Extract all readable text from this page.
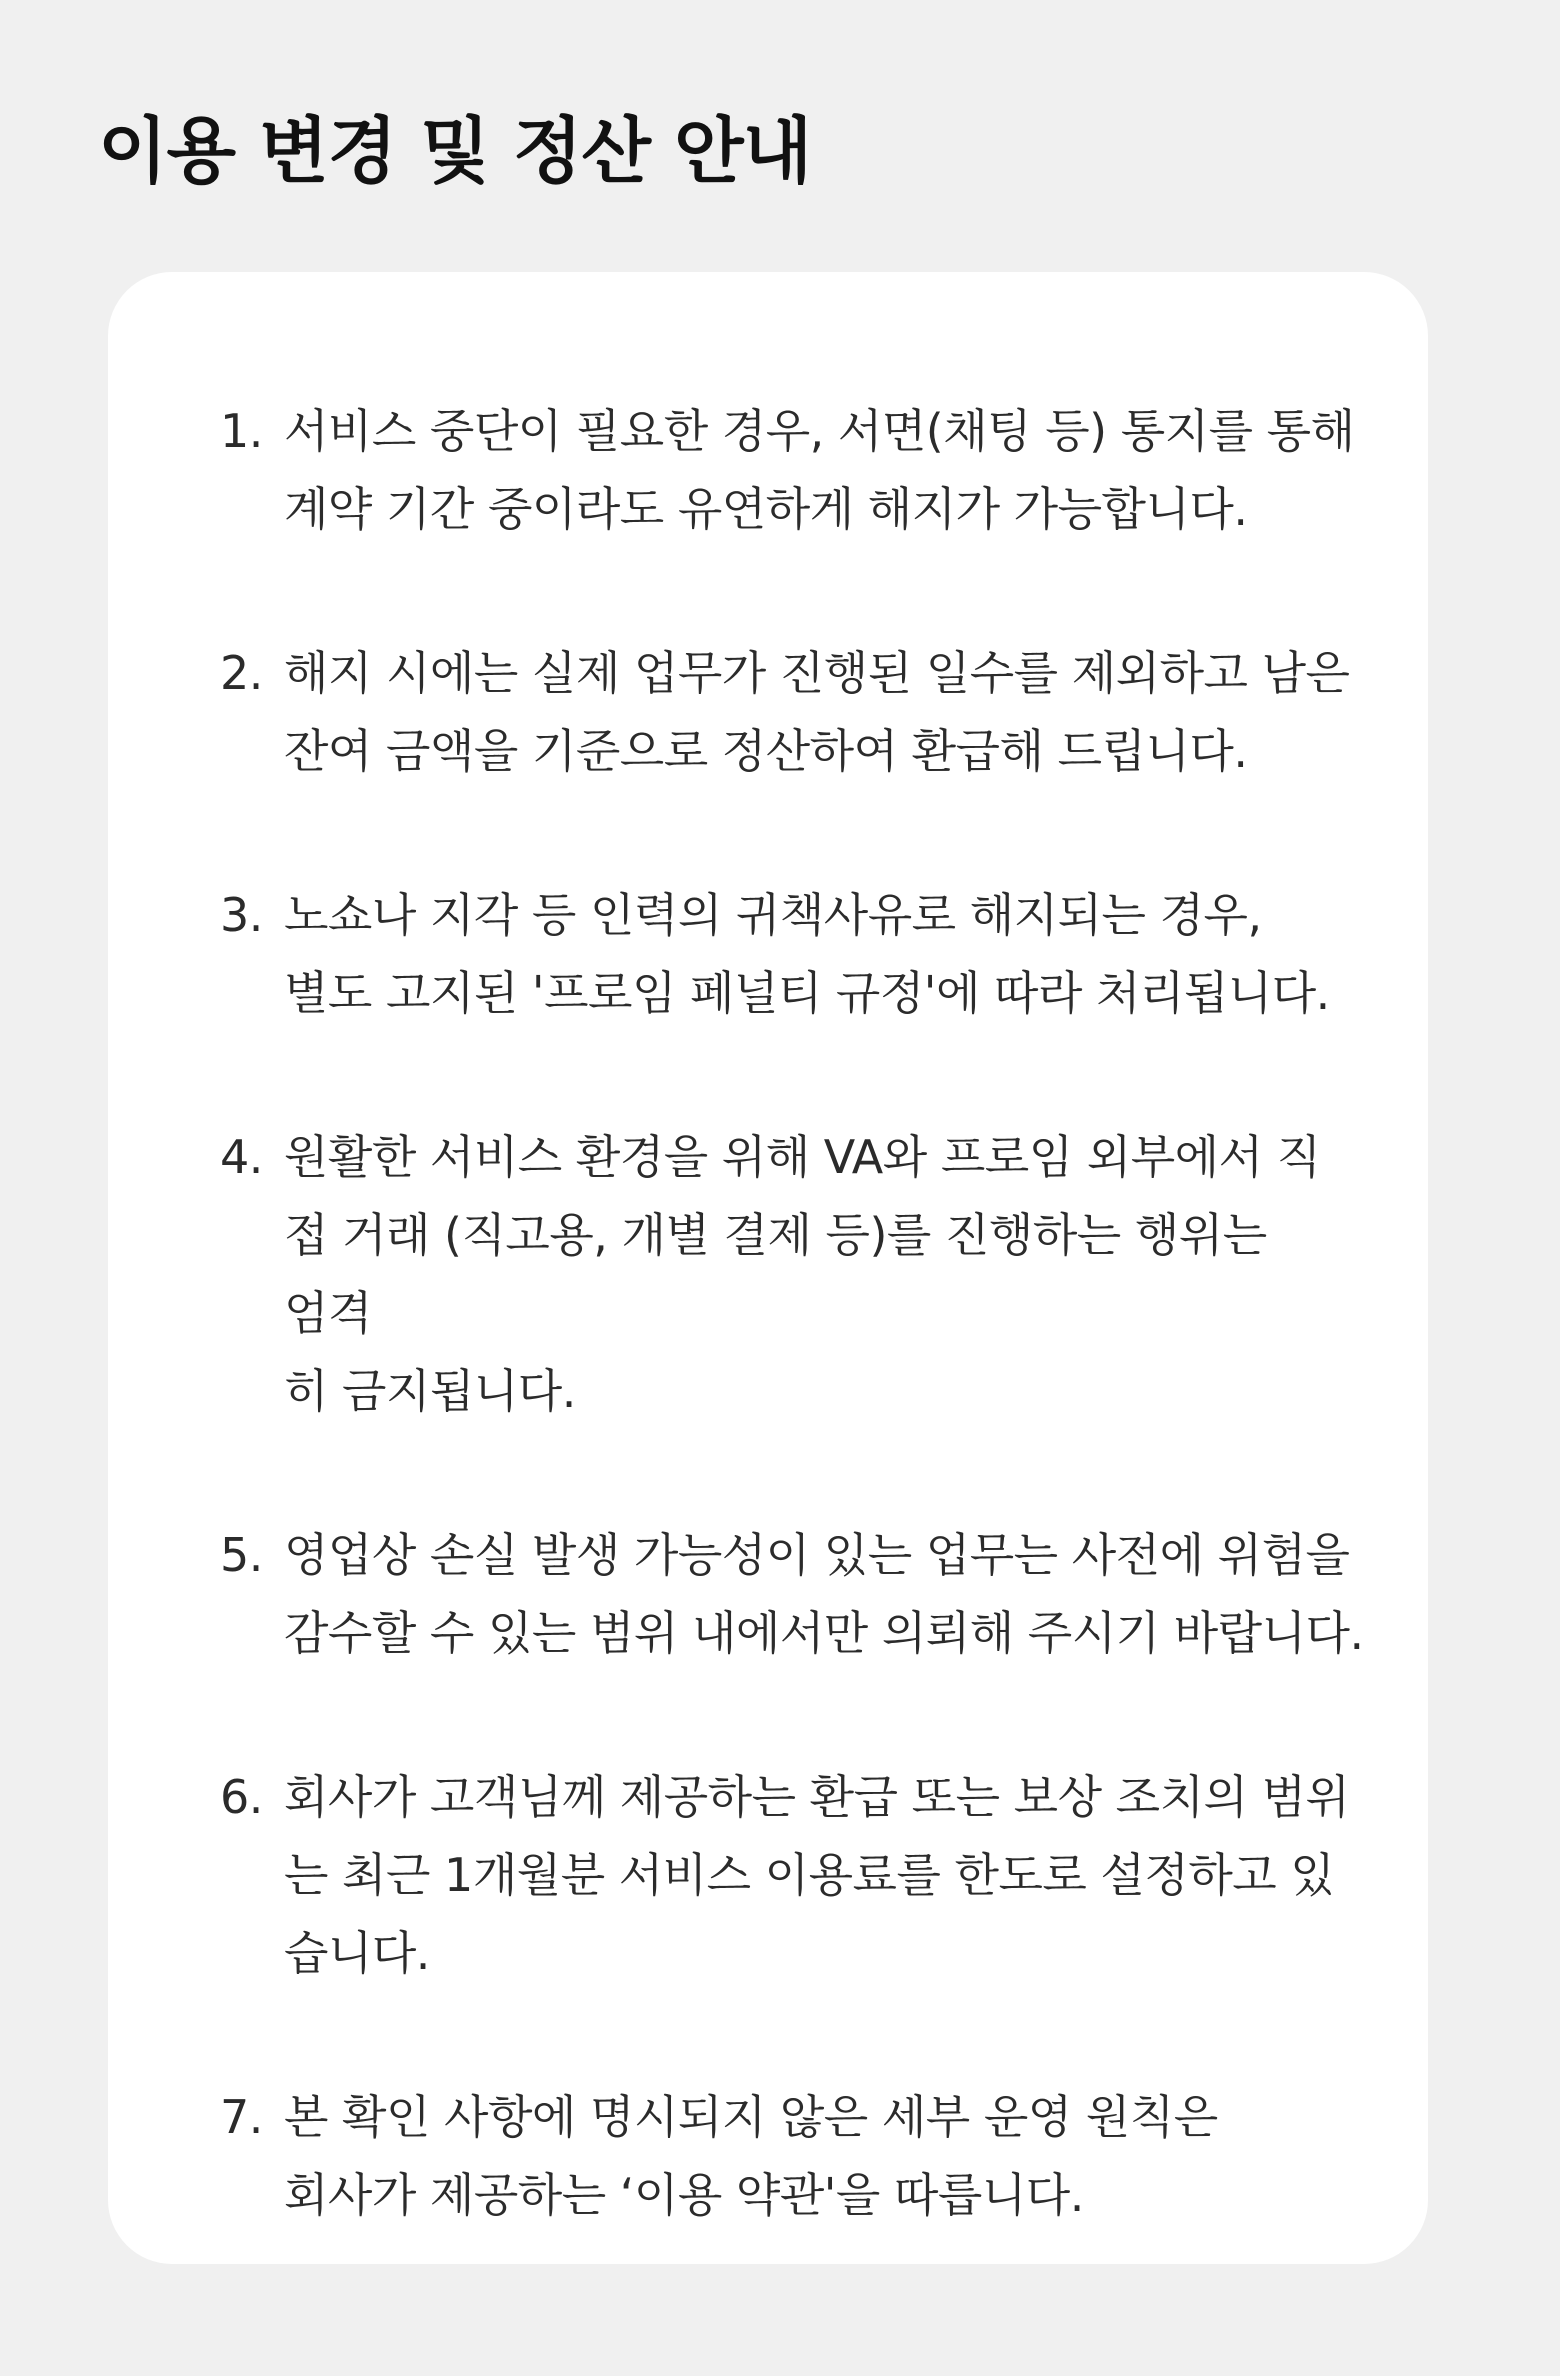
이용 변경 및 정산 안내
1. 서비스 중단이 필요한 경우, 서면(채팅 등) 통지를 통해
계약 기간 중이라도 유연하게 해지가 가능합니다.
2. 해지 시에는 실제 업무가 진행된 일수를 제외하고 남은
잔여 금액을 기준으로 정산하여 환급해 드립니다.
3. 노쇼나 지각 등 인력의 귀책사유로 해지되는 경우,
별도 고지된 '프로임 페널티 규정'에 따라 처리됩니다.
4. 원활한 서비스 환경을 위해 VA와 프로임 외부에서 직
접 거래 (직고용, 개별 결제 등)를 진행하는 행위는 엄격
히 금지됩니다.
5. 영업상 손실 발생 가능성이 있는 업무는 사전에 위험을
감수할 수 있는 범위 내에서만 의뢰해 주시기 바랍니다.
6. 회사가 고객님께 제공하는 환급 또는 보상 조치의 범위
는 최근 1개월분 서비스 이용료를 한도로 설정하고 있
습니다.
7. 본 확인 사항에 명시되지 않은 세부 운영 원칙은
회사가 제공하는 ‘이용 약관'을 따릅니다.
